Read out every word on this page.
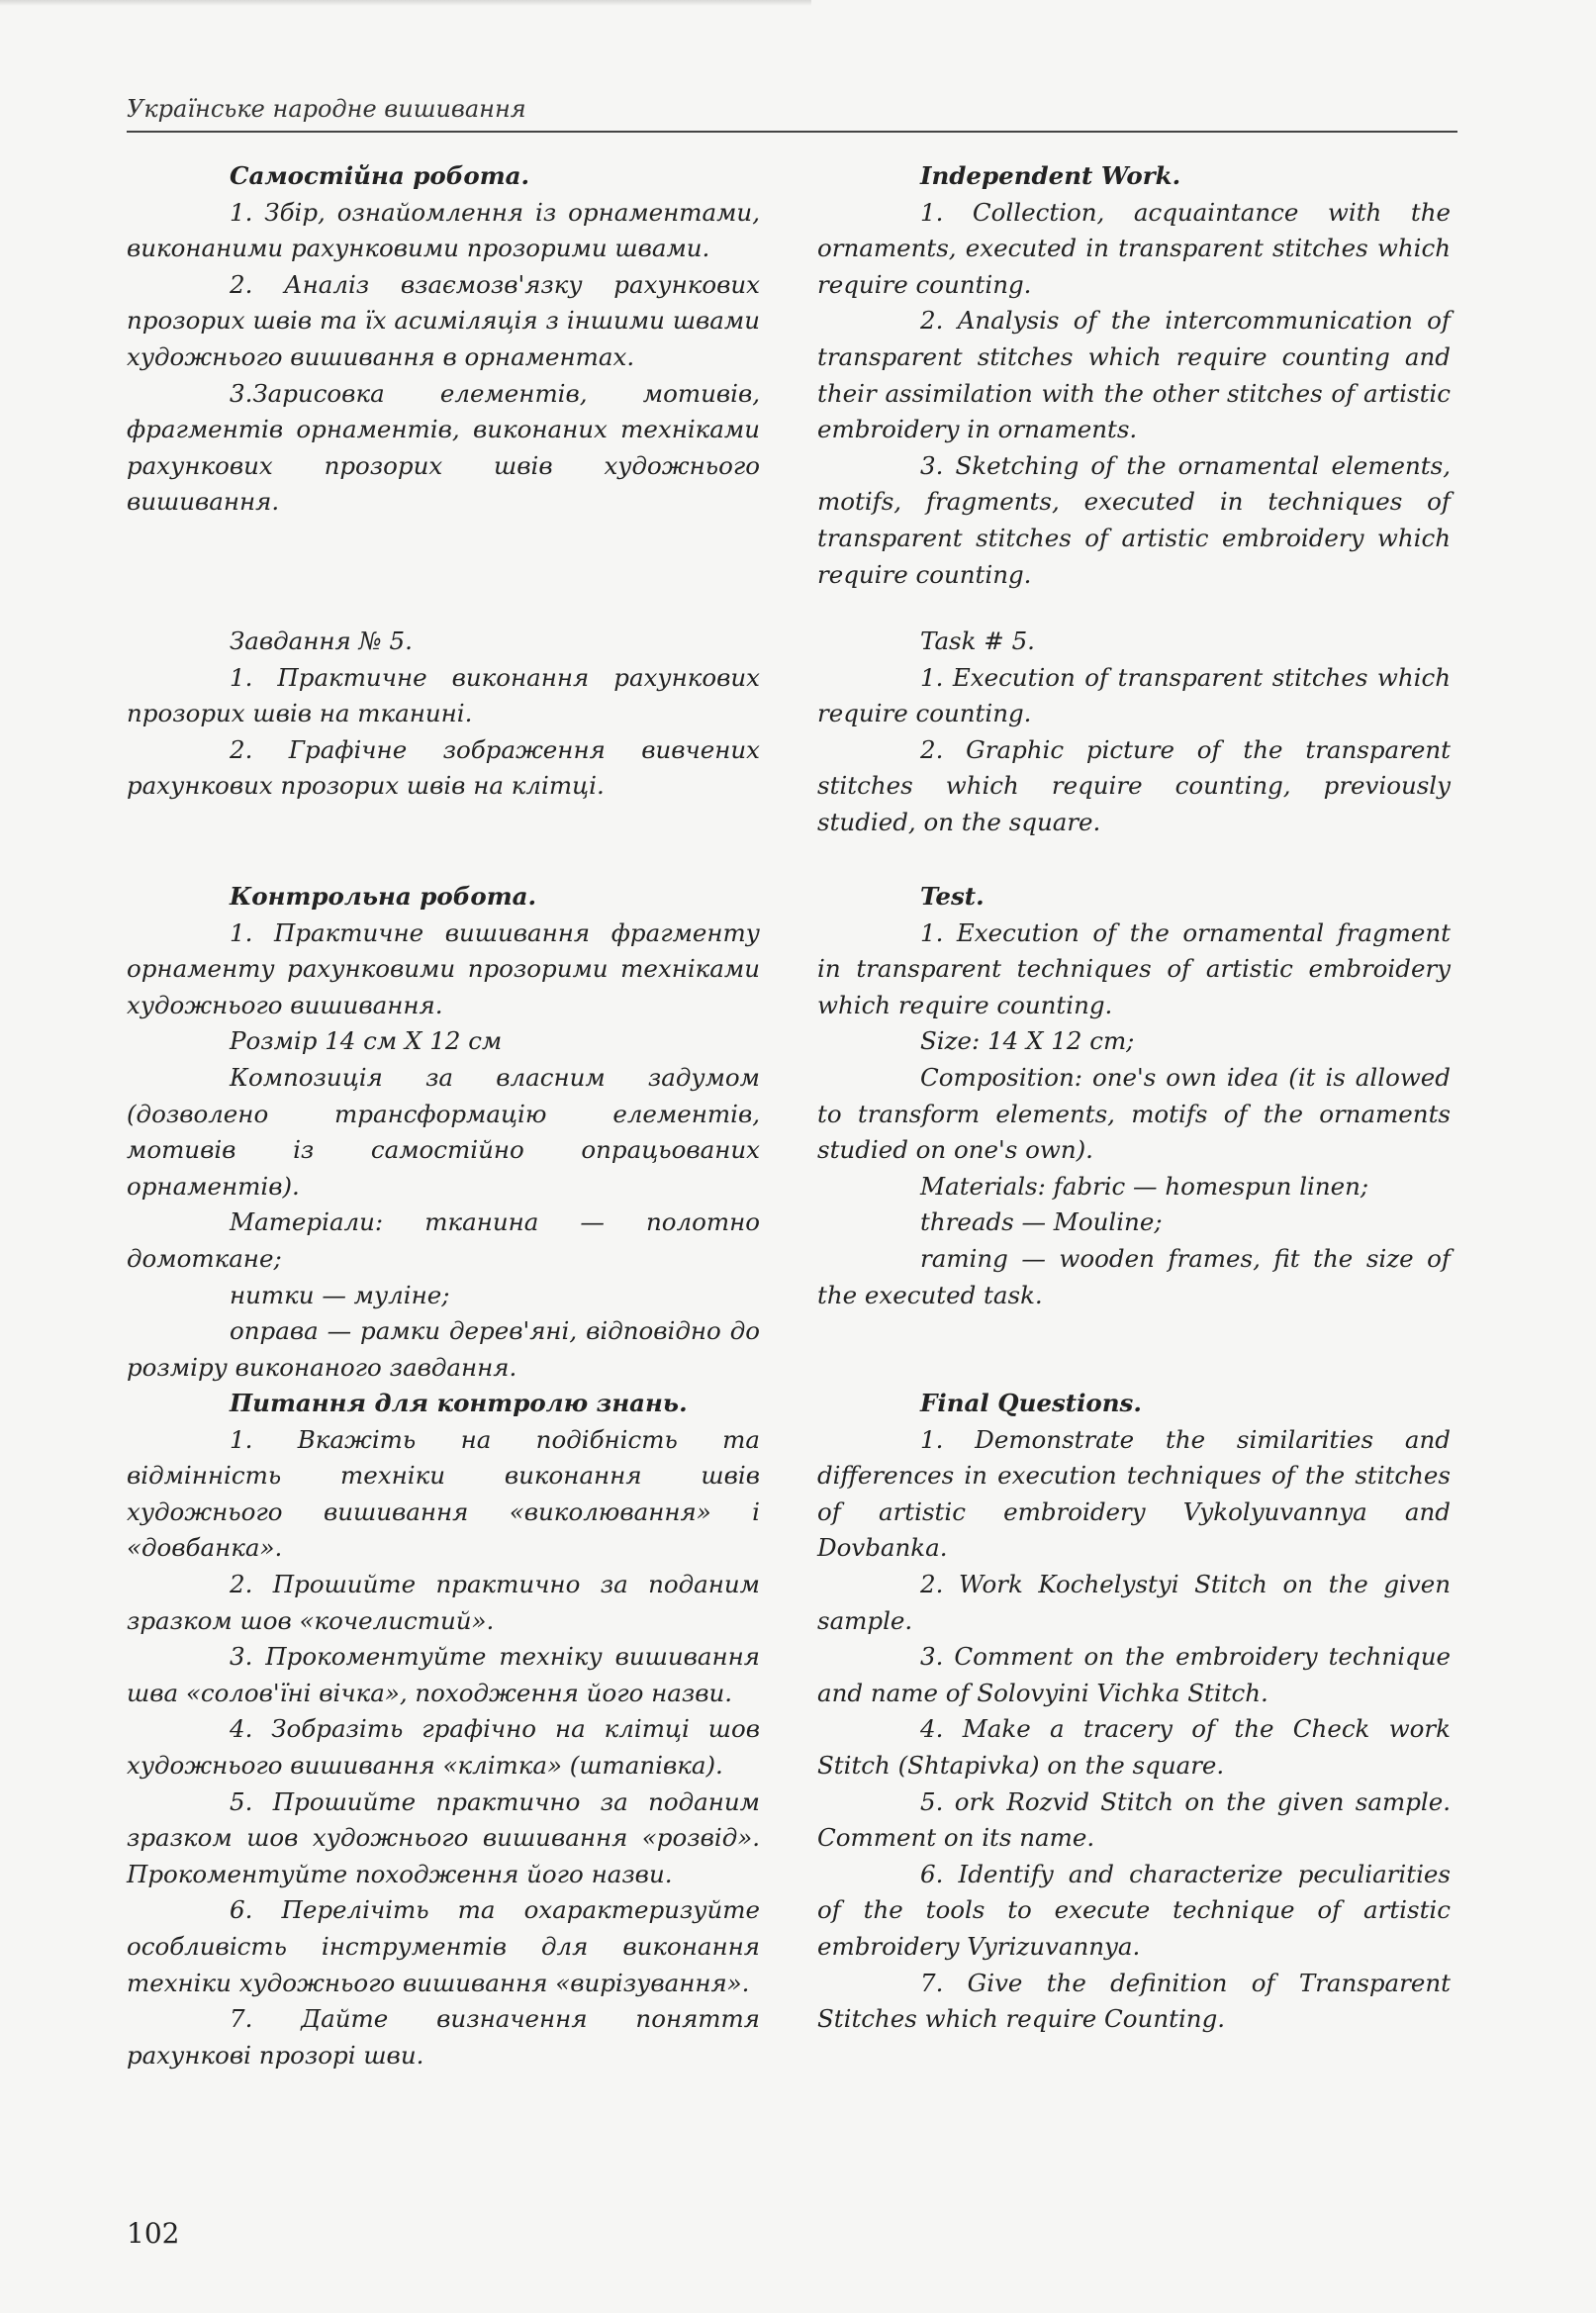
Українське народне вишивання
Самостійна робота.

1. Збір, ознайомлення із орнаментами, виконаними рахунковими прозорими швами.

2. Аналіз взаємозв'язку рахункових прозорих швів та їх асиміляція з іншими швами художнього вишивання в орнаментах.

3.Зарисовка елементів, мотивів, фрагментів орнаментів, виконаних техніками рахункових прозорих швів художнього вишивання.

Завдання № 5.

1. Практичне виконання рахункових прозорих швів на тканині.

2. Графічне зображення вивчених рахункових прозорих швів на клітці.

Контрольна робота.

1. Практичне вишивання фрагменту орнаменту рахунковими прозорими техніками художнього вишивання.

Розмір 14 см Х 12 см

Композиція за власним задумом (дозволено трансформацію елементів, мотивів із самостійно опрацьованих орнаментів).

Матеріали: тканина — полотно домоткане;

нитки — муліне;

оправа — рамки дерев'яні, відповідно до розміру виконаного завдання.

Питання для контролю знань.

1. Вкажіть на подібність та відмінність техніки виконання швів художнього вишивання «виколювання» і «довбанка».

2. Прошийте практично за поданим зразком шов «кочелистий».

3. Прокоментуйте техніку вишивання шва «солов'їні вічка», походження його назви.

4. Зобразіть графічно на клітці шов художнього вишивання «клітка» (штапівка).

5. Прошийте практично за поданим зразком шов художнього вишивання «розвід». Прокоментуйте походження його назви.

6. Перелічіть та охарактеризуйте особливість інструментів для виконання техніки художнього вишивання «вирізування».

7. Дайте визначення поняття рахункові прозорі шви.

Independent Work.

1. Collection, acquaintance with the ornaments, executed in transparent stitches which require counting.

2. Analysis of the intercommunication of transparent stitches which require counting and their assimilation with the other stitches of artistic embroidery in ornaments.

3. Sketching of the ornamental elements, motifs, fragments, executed in techniques of transparent stitches of artistic embroidery which require counting.

Task # 5.

1. Execution of transparent stitches which require counting.

2. Graphic picture of the transparent stitches which require counting, previously studied, on the square.

Test.

1. Execution of the ornamental fragment in transparent techniques of artistic embroidery which require counting.

Size: 14 X 12 cm;

Composition: one's own idea (it is allowed to transform elements, motifs of the ornaments studied on one's own).

Materials: fabric — homespun linen;

threads — Mouline;

raming — wooden frames, fit the size of the executed task.

Final Questions.

1. Demonstrate the similarities and differences in execution techniques of the stitches of artistic embroidery Vykolyuvannya and Dovbanka.

2. Work Kochelystyi Stitch on the given sample.

3. Comment on the embroidery technique and name of Solovyini Vichka Stitch.

4. Make a tracery of the Check work Stitch (Shtapivka) on the square.

5. ork Rozvid Stitch on the given sample. Comment on its name.

6. Identify and characterize peculiarities of the tools to execute technique of artistic embroidery Vyrizuvannya.

7. Give the definition of Transparent Stitches which require Counting.

102
